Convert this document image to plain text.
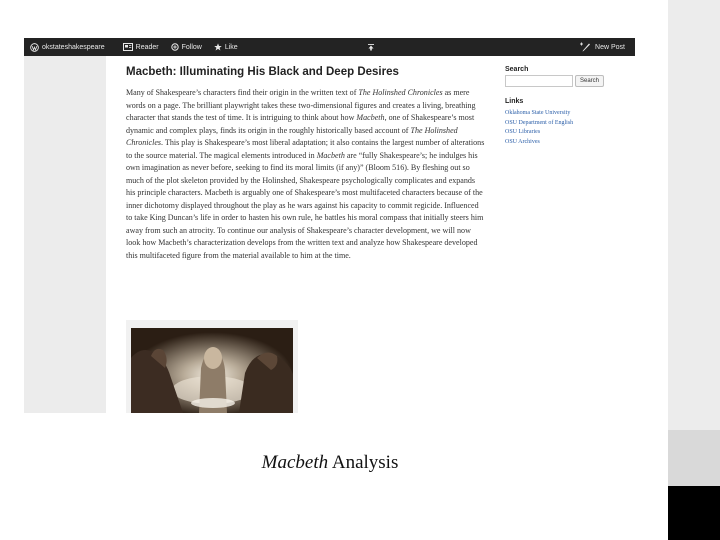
okstateshakespeare	Reader	Follow	Like	New Post
Macbeth: Illuminating His Black and Deep Desires

Many of Shakespeare’s characters find their origin in the written text of The Holinshed Chronicles as mere words on a page. The brilliant playwright takes these two-dimensional figures and creates a living, breathing character that stands the test of time. It is intriguing to think about how Macbeth, one of Shakespeare’s most dynamic and complex plays, finds its origin in the roughly historically based account of The Holinshed Chronicles. This play is Shakespeare’s most liberal adaptation; it also contains the largest number of alterations to the source material. The magical elements introduced in Macbeth are “fully Shakespeare’s; he indulges his own imagination as never before, seeking to find its moral limits (if any)” (Bloom 516). By fleshing out so much of the plot skeleton provided by the Holinshed, Shakespeare psychologically complicates and expands his principle characters. Macbeth is arguably one of Shakespeare’s most multifaceted characters because of the inner dichotomy displayed throughout the play as he wars against his capacity to commit regicide. Influenced to take King Duncan’s life in order to hasten his own rule, he battles his moral compass that initially steers him away from such an atrocity. To continue our analysis of Shakespeare’s character development, we will now look how Macbeth’s characterization develops from the written text and analyze how Shakespeare developed this multifaceted figure from the material available to him at the time.

Search
Search
Links
Oklahoma State University
OSU Department of English
OSU Libraries
OSU Archives
Macbeth Analysis
